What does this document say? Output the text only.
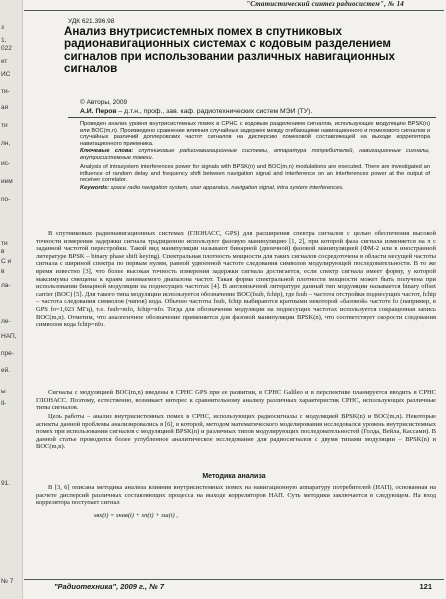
з
1,
022
ет
ИС
ти-
ая
ти
лн,
ис-
ием
по-
ти
в
С и
в
ла-
ле-
НАП,
пре-
ей.
ы
Il-
91.
№ 7
"Статистический синтез радиосистем", № 14
УДК 621.396.98
Анализ внутрисистемных помех в спутниковых радионавигационных системах с кодовым разделением сигналов при использовании различных навигационных сигналов
© Авторы, 2009
А.И. Перов – д.т.н., проф., зав. каф. радиотехнических систем МЭИ (ТУ).
Проведен анализ уровня внутрисистемных помех в СРНС с кодовым разделением сигналов, использующих модуляцию BPSK(n) или BOC(m,n). Произведено сравнение влияния случайных задержек между огибающими навигационного и помехового сигналов и случайных различий доплеровских частот сигналов на дисперсию помеховой составляющей на выходе коррелятора навигационного приемника.
Ключевые слова: спутниковые радионавигационные системы, аппаратура потребителей, навигационные сигналы, внутрисистемные помехи.
Analysis of intrasystem interferences power for signals with BPSK(n) and BOC(m,n) modulations are executed. There are investigated an influence of random delay and frequency shift between navigation signal and interference on an interferences power at the output of receiver correlator.
Keywords: space radio navigation system, user apparatus, navigation signal, intra system interferences.
В спутниковых радионавигационных системах (ГЛОНАСС, GPS) для расширения спектра сигналов с целью обеспечения высокой точности измерения задержки сигнала традиционно используют фазовую манипуляцию [1, 2], при которой фаза сигнала изменяется на π с заданной частотой перестройки. Такой вид манипуляции называют бинарной (двоичной) фазовой манипуляцией (ФМ-2 или в иностранной литературе BPSK – binary phase shift keying). Спектральная плотность мощности для таких сигналов сосредоточена в области несущей частоты сигнала с шириной спектра по первым нулям, равной удвоенной частоте следования символов модулирующей последовательности. В то же время известно [3], что более высокая точность измерения задержки сигнала достигается, если спектр сигнала имеет форму, у которой максимумы смещены к краям занимаемого диапазона частот. Такая форма спектральной плотности мощности может быть получена при использовании бинарной модуляции на поднесущих частотах [4]. В англоязычной литературе данный тип модуляции называется binary offset carrier (BOC) [5]. Для такого типа модуляции используется обозначение BOC(fsub, fchip), где fsub – частота отстройки поднесущих частот, fchip – частота следования символов (чипов) кода. Обычно частоты fsub, fchip выбираются кратными некоторой «базовой» частоте fo (например, в GPS fo=1,023 МГц), т.е. fsub=mfo, fchip=nfo. Тогда для обозначения модуляции на поднесущих частотах используется сокращенная запись BOC(m,n). Отметим, что аналогичное обозначение применяется для фазовой манипуляции BPSK(n), что соответствует скорости следования символов кода fchip=nfo.
Сигналы с модуляцией BOC(m,n) введены в СРНС GPS при ее развитии, в СРНС Galileo и в перспективе планируется вводить в СРНС ГЛОНАСС. Поэтому, естественно, возникает интерес к сравнительному анализу различных характеристик СРНС, использующих различные типы сигналов.
Цель работы – анализ внутрисистемных помех в СРНС, использующих радиосигналы с модуляцией BPSK(n) и BOC(m,n). Некоторые аспекты данной проблемы анализировались в [6], в которой, методом математического моделирования исследовался уровень внутрисистемных помех при использовании сигналов с модуляцией BPSK(n) и различных типов модулирующих последовательностей (Голда, Вейла, Кассами). В данной статье проводится более углубленное аналитическое исследование для радиосигналов с двумя типами модуляции – BPSK(n) и BOC(m,n).
Методика анализа
В [3, 6] описана методика анализа влияния внутрисистемных помех на навигационную аппаратуру потребителей (НАП), основанная на расчете дисперсий различных составляющих процесса на выходе корреляторов НАП. Суть методики заключается в следующем. На вход коррелятора поступает сигнал
sвх(t) = sнав(t) + sп(t) + sш(t) ,
"Радиотехника", 2009 г., № 7	121
